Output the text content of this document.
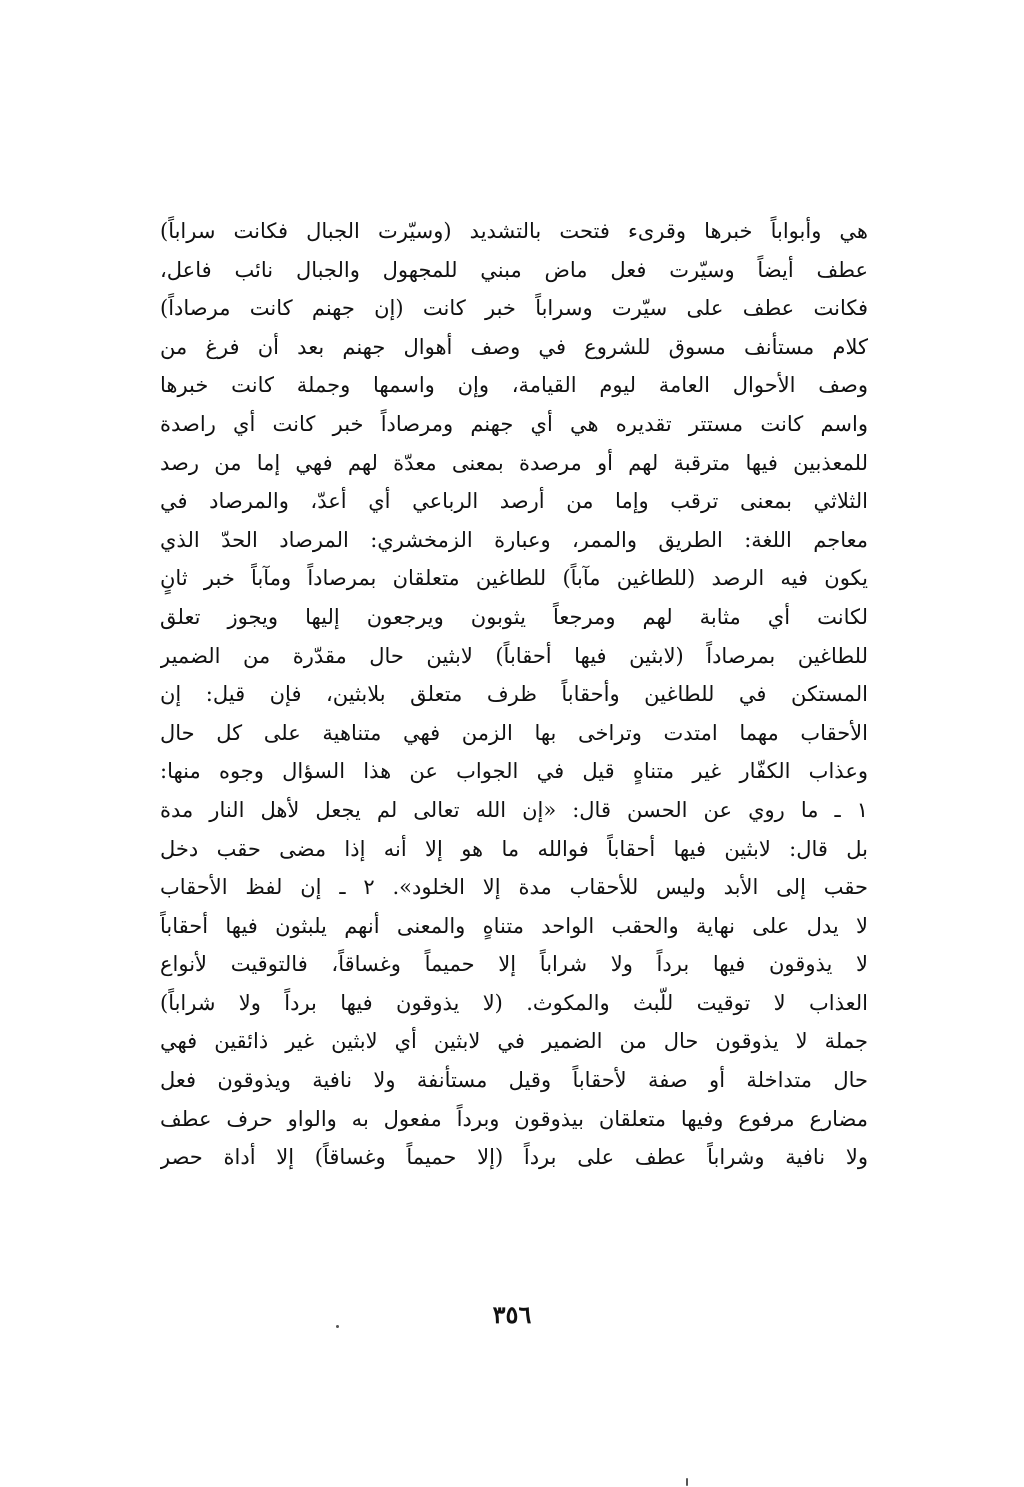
هي وأبواباً خبرها وقرىء فتحت بالتشديد (وسيّرت الجبال فكانت سراباً)
عطف أيضاً وسيّرت فعل ماض مبني للمجهول والجبال نائب فاعل،
فكانت عطف على سيّرت وسراباً خبر كانت (إن جهنم كانت مرصاداً)
كلام مستأنف مسوق للشروع في وصف أهوال جهنم بعد أن فرغ من
وصف الأحوال العامة ليوم القيامة، وإن واسمها وجملة كانت خبرها
واسم كانت مستتر تقديره هي أي جهنم ومرصاداً خبر كانت أي راصدة
للمعذبين فيها مترقبة لهم أو مرصدة بمعنى معدّة لهم فهي إما من رصد
الثلاثي بمعنى ترقب وإما من أرصد الرباعي أي أعدّ، والمرصاد في
معاجم اللغة: الطريق والممر، وعبارة الزمخشري: المرصاد الحدّ الذي
يكون فيه الرصد (للطاغين مآباً) للطاغين متعلقان بمرصاداً ومآباً خبر ثانٍ
لكانت أي مثابة لهم ومرجعاً يثوبون ويرجعون إليها ويجوز تعلق
للطاغين بمرصاداً (لابثين فيها أحقاباً) لابثين حال مقدّرة من الضمير
المستكن في للطاغين وأحقاباً ظرف متعلق بلابثين، فإن قيل: إن
الأحقاب مهما امتدت وتراخى بها الزمن فهي متناهية على كل حال
وعذاب الكفّار غير متناهٍ قيل في الجواب عن هذا السؤال وجوه منها:
١ ـ ما روي عن الحسن قال: «إن الله تعالى لم يجعل لأهل النار مدة
بل قال: لابثين فيها أحقاباً فوالله ما هو إلا أنه إذا مضى حقب دخل
حقب إلى الأبد وليس للأحقاب مدة إلا الخلود». ٢ ـ إن لفظ الأحقاب
لا يدل على نهاية والحقب الواحد متناهٍ والمعنى أنهم يلبثون فيها أحقاباً
لا يذوقون فيها برداً ولا شراباً إلا حميماً وغساقاً، فالتوقيت لأنواع
العذاب لا توقيت للّبث والمكوث. (لا يذوقون فيها برداً ولا شراباً)
جملة لا يذوقون حال من الضمير في لابثين أي لابثين غير ذائقين فهي
حال متداخلة أو صفة لأحقاباً وقيل مستأنفة ولا نافية ويذوقون فعل
مضارع مرفوع وفيها متعلقان بيذوقون وبرداً مفعول به والواو حرف عطف
ولا نافية وشراباً عطف على برداً (إلا حميماً وغساقاً) إلا أداة حصر
٣٥٦
